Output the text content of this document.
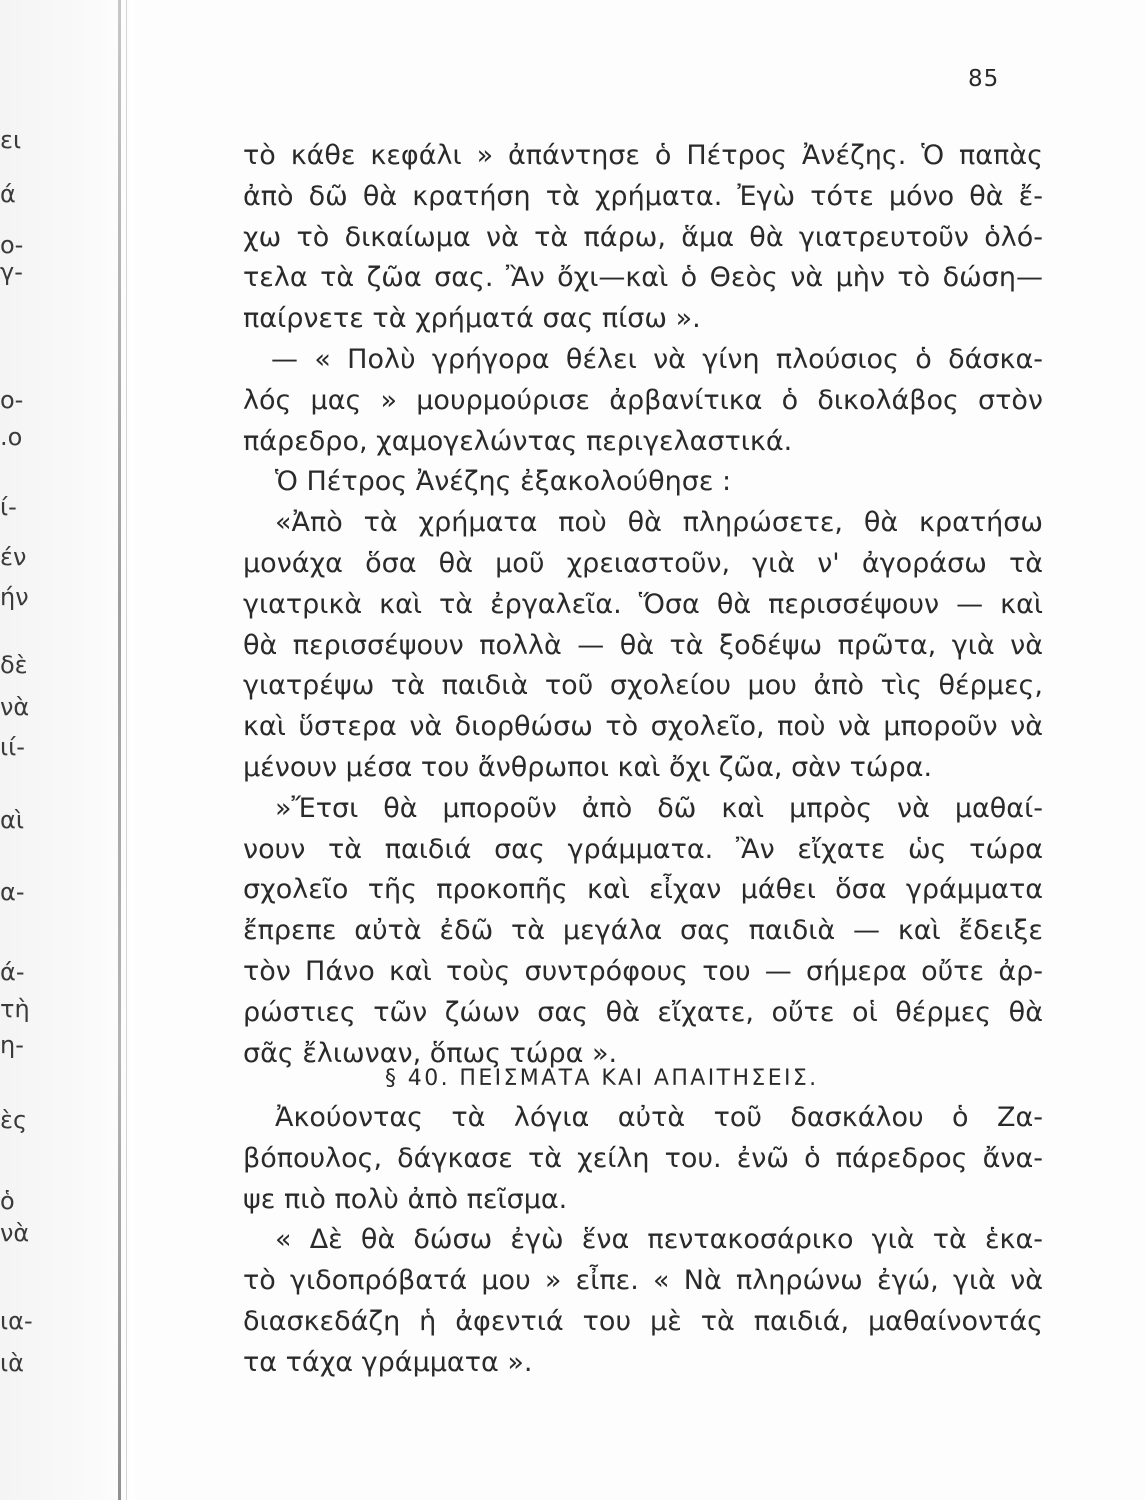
ει
ά
ο-
γ-
ο-
.ο
ί-
έν
ήν
δὲ
νὰ
ιί-
αὶ
α-
ά-
τὴ
η-
ὲς
ὁ
νὰ
ια-
ιὰ
85
τὸ κάθε κεφάλι » ἀπάντησε ὁ Πέτρος Ἀνέζης. Ὁ παπὰς
ἀπὸ δῶ θὰ κρατήση τὰ χρήματα. Ἐγὼ τότε μόνο θὰ ἔ-
χω τὸ δικαίωμα νὰ τὰ πάρω, ἅμα θὰ γιατρευτοῦν ὁλό-
τελα τὰ ζῶα σας. Ἂν ὄχι—καὶ ὁ Θεὸς νὰ μὴν τὸ δώση—
παίρνετε τὰ χρήματά σας πίσω ».
— « Πολὺ γρήγορα θέλει νὰ γίνη πλούσιος ὁ δάσκα-
λός μας » μουρμούρισε ἀρβανίτικα ὁ δικολάβος στὸν
πάρεδρο, χαμογελώντας περιγελαστικά.
Ὁ Πέτρος Ἀνέζης ἐξακολούθησε :
«Ἀπὸ τὰ χρήματα ποὺ θὰ πληρώσετε, θὰ κρατήσω
μονάχα ὅσα θὰ μοῦ χρειαστοῦν, γιὰ ν' ἀγοράσω τὰ
γιατρικὰ καὶ τὰ ἐργαλεῖα. Ὅσα θὰ περισσέψουν — καὶ
θὰ περισσέψουν πολλὰ — θὰ τὰ ξοδέψω πρῶτα, γιὰ νὰ
γιατρέψω τὰ παιδιὰ τοῦ σχολείου μου ἀπὸ τὶς θέρμες,
καὶ ὕστερα νὰ διορθώσω τὸ σχολεῖο, ποὺ νὰ μποροῦν νὰ
μένουν μέσα του ἄνθρωποι καὶ ὄχι ζῶα, σὰν τώρα.
»Ἔτσι θὰ μποροῦν ἀπὸ δῶ καὶ μπρὸς νὰ μαθαί-
νουν τὰ παιδιά σας γράμματα. Ἂν εἴχατε ὡς τώρα
σχολεῖο τῆς προκοπῆς καὶ εἶχαν μάθει ὅσα γράμματα
ἔπρεπε αὐτὰ ἐδῶ τὰ μεγάλα σας παιδιὰ — καὶ ἔδειξε
τὸν Πάνο καὶ τοὺς συντρόφους του — σήμερα οὔτε ἀρ-
ρώστιες τῶν ζώων σας θὰ εἴχατε, οὔτε οἱ θέρμες θὰ
σᾶς ἔλιωναν, ὅπως τώρα ».
§ 40. ΠΕΙΣΜΑΤΑ ΚΑΙ ΑΠΑΙΤΗΣΕΙΣ.
Ἀκούοντας τὰ λόγια αὐτὰ τοῦ δασκάλου ὁ Ζα-
βόπουλος, δάγκασε τὰ χείλη του. ἐνῶ ὁ πάρεδρος ἄνα-
ψε πιὸ πολὺ ἀπὸ πεῖσμα.
« Δὲ θὰ δώσω ἐγὼ ἕνα πεντακοσάρικο γιὰ τὰ ἑκα-
τὸ γιδοπρόβατά μου » εἶπε. « Νὰ πληρώνω ἐγώ, γιὰ νὰ
διασκεδάζη ἡ ἀφεντιά του μὲ τὰ παιδιά, μαθαίνοντάς
τα τάχα γράμματα ».
